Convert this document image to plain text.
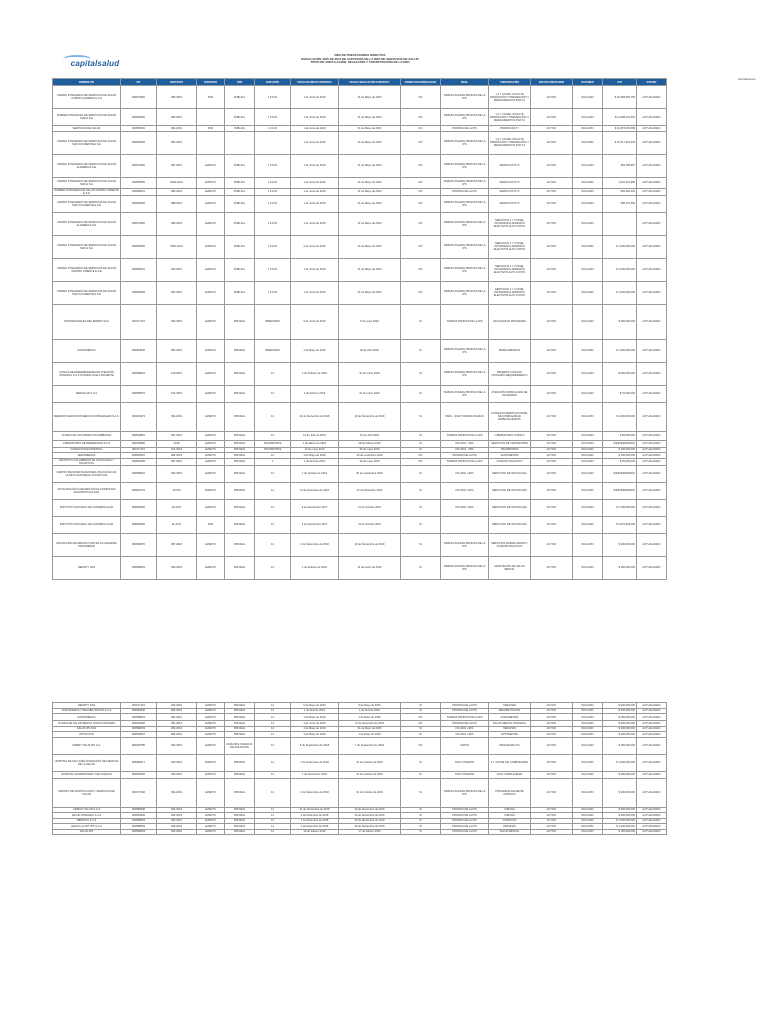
capitalsalud
RED DE PRESTADORES DIRECTOS
RESOLUCIÓN 4505 DE 2012 DE AUDITORÍA DE LA RED DE SERVICIOS DE SALUD
TIPOS DE VINCULACIÓN, SELECCIÓN Y CONTRATACIÓN DE LA RED
Actualización
NOMBRE IPS	NIT	CONTRATO	CONTRATO	TIPO	DURACIÓN	FECHA DE INICIO CONTRATO	FECHA FINALIZACIÓN CONTRATO	FORMA PAGO/MODALIDAD	NIVEL	CONTRATACIÓN	ESTADO PRESTADOR	DUCUMEN	VLR	ESTADO
CAMINO INTEGRADO DE SERVICIOS DE SALUD CAMINO ALAMEDA S.A.S	900073060	085-2019	PGP	PUBLICA	1 1% ID	1 de Junio de 2019	31 de Mayo de 2020	NO	TARIFAS PLENAS PROPIAS DE LA IPS	1,2 Y 3 NIVEL INCLUYE PROMOCIÓN Y PREVENCIÓN Y MEDICAMENTOS PGP 12	ACTIVO	INCLUIDO	$ 26,368,560,755	ACTUALIZADO
SUBRED INTEGRADA DE SERVICIOS DE SALUD SUR E.S.E	900959050	085-2019		PÚBLICA	1 1% ID	1 de Junio de 2019	31 de Mayo de 2020	NO	TARIFAS PLENAS PROPIAS DE LA IPS	1,2 Y 3 NIVEL INCLUYE PROMOCIÓN Y PREVENCIÓN Y MEDICAMENTOS PGP 12	ACTIVO	INCLUIDO	$ 11,058,276,903	ACTUALIZADO
SERVICIOS DE SALUD	900959051	081-2019	PGP	PÚBLICA	1 1% ID	1 de Junio de 2019	31 de Mayo de 2020	NO	PROPIAS DE LA IPS	PROMOCIÓN Y	ACTIVO	INCLUIDO	$ 10,837,066,389	ACTUALIZADO
CAMINO INTEGRADO DE SERVICIOS DE SALUD SUR OCCIDENTE E.S.E	900959068	083-2019				1 de Junio de 2019	31 de Mayo de 2020	NO	TARIFAS PLENAS PROPIAS DE LA IPS	1,2 Y 3 NIVEL INCLUYE PROMOCIÓN Y PREVENCIÓN Y MEDICAMENTOS PGP 12	ACTIVO	INCLUIDO	$ 10,517,363,378	ACTUALIZADO
CAMINO INTEGRADO DE SERVICIOS DE SALUD ALAMEDA E.S.E	900073060	087-2019	EVENTO	PÚBLICA	1 1% ID	1 de Junio de 2019	31 de Mayo de 2020	NO	TARIFAS PLENAS PROPIAS DE LA IPS	SERVICIOS PYS	ACTIVO	INCLUIDO	383,768,657	ACTUALIZADO
CAMINO INTEGRADO DE SERVICIOS DE SALUD SUR E.S.E	900959050	0036-2019	EVENTO	PÚBLICA	1 1% ID	1 de Junio de 2019	31 de Mayo de 2020	NO	TARIFAS PLENAS PROPIAS DE LA IPS	SERVICIOS PYS	ACTIVO	INCLUIDO	1,097,144,358	ACTUALIZADO
SUBRED INTEGRADA DE SALUD CENTRO ORIENTE E.S.E	900959051	086-2019	EVENTO	PÚBLICA	1 1% ID	1 de Junio de 2019	31 de Mayo de 2020	NO	PROPIAS DE LA IPS	SERVICIOS PYS	ACTIVO	INCLUIDO	836,296,363	ACTUALIZADO
CAMINO INTEGRADO DE SERVICIOS DE SALUD SUR OCCIDENTE E.S.E	900959068	088-2019	EVENTO	PÚBLICA	1 1% ID	1 de Junio de 2019	31 de Mayo de 2020	NO	TARIFAS PLENAS PROPIAS DE LA IPS	SERVICIOS PYS	ACTIVO	INCLUIDO	380,115,399	ACTUALIZADO
CAMINO INTEGRADO DE SERVICIOS DE SALUD ALAMEDA E.S.E	900073060	089-2019	EVENTO	PÚBLICA	1 1% ID	1 de Junio de 2019	31 de Mayo de 2020	NO	TARIFAS PLENAS PROPIAS DE LA IPS	SERVICIOS 1 Y 2 NIVEL INTRAMURAL ADMISIÓN ELECTIVOS ALTO COSTO	ACTIVO	INCLUIDO		ACTUALIZADO
CAMINO INTEGRADO DE SERVICIOS DE SALUD SUR E.S.E	900959050	0052-2019	EVENTO	PÚBLICA	1 1% ID	2 de Junio de 2019	31 de Mayo de 2020	NO	TARIFAS PLENAS PROPIAS DE LA IPS	SERVICIOS 1 Y 2 NIVEL INTRAMURAL ADMISIÓN ELECTIVOS ALTO COSTO	ACTIVO	INCLUIDO	$ 1,000,000,000	ACTUALIZADO
CAMINO INTEGRADO DE SERVICIOS DE SALUD CENTRO ORIENTE E.S.E	900959051	090-2019	EVENTO	PÚBLICA	1 1% ID	1 de Junio de 2019	31 de Mayo de 2020	NO	TARIFAS PLENAS PROPIAS DE LA IPS	SERVICIOS 1 Y 2 NIVEL INTRAMURAL ADMISIÓN ELECTIVOS ALTO COSTO	ACTIVO	INCLUIDO	$ 1,000,000,000	ACTUALIZADO
CAMINO INTEGRADO DE SERVICIOS DE SALUD SUR OCCIDENTE E.S.E	900959068	091-2019	EVENTO	PÚBLICA	1 1% ID	1 de Junio de 2019	31 de Mayo de 2020	NO	TARIFAS PLENAS PROPIAS DE LA IPS	SERVICIOS 1 Y 2 NIVEL INTRAMURAL ADMISIÓN ELECTIVOS ALTO COSTO	ACTIVO	INCLUIDO	$ 1,000,000,000	ACTUALIZADO
PROFESIONALES DEL BARRIO SAS	900177115	093-2019	EVENTO	PRIVADA	INDEFINIDO	5 de Junio de 2019	5 de Junio 2020	SI	TARIFAS PROPIAS DE LA IPS	VACUNACIÓN PROGRAMA	ACTIVO	INCLUIDO	$ 300,000,000	ACTUALIZADO
AUDIOMÉDICA	830500846	082-2019	EVENTO	PRIVADA	INDEFINIDO	1 de Mayo de 2019	30 de Abril 2020	SI	TARIFAS PLENAS PROPIAS DE LA IPS	MEDICAMENTOS	ACTIVO	INCLUIDO	$ 1,080,000,000	ACTUALIZADO
CLINICA DE ENFERMEDADES DE ATENCIÓN INTEGRAL S.A.S (PULMOLOGÍA A PACIENTE	900598063	100-2019	EVENTO	PRIVADA	12	1 de Febrero de 2019	31 de enero 2020	SI	TARIFAS PLENAS PROPIAS DE LA IPS	PRUEBAS CLÍNICAS CONSUMO REQUERIMIENTO	ACTIVO	INCLUIDO	$ 500,000,000	ACTUALIZADO
SERSALUD S.A.S	900598079	102-2019	EVENTO	PRIVADA	12	1 de Febrero 2019	31 de enero 2020	SI	TARIFAS PLENAS PROPIAS DE LA IPS	ATENCIÓN DOMICILIARIA DE PACIENTES	ACTIVO	INCLUIDO	$ 70,000,000	ACTUALIZADO
MEDIKIDS SERVICIOS MÉDICOS INTEGRALES S.A.S	900243973	093-2019	EVENTO	PRIVADA	12	21 de Noviembre de 2018	20 de Noviembre de 2019	SI	SMLV - SOAT TARIFAS PLENAS	CONSULTA SERVICIOS NIVEL DE COMPLEJIDAD ESPECIALIZADOS	ACTIVO	INCLUIDO	$ 1,000,000,000	ACTUALIZADO
CLINICA DE LOS ANDES COLOMBIANAS	830518881	097-2019	EVENTO	PRIVADA	12	15 de Julio de 2019	15 de Julio 2020	SI	TARIFAS PROPIAS DE LA IPS	LABORATORIO CLÍNICO	ACTIVO	INCLUIDO	$ 50,000,000	ACTUALIZADO
LABORATORIO DE REFERENCIA S.A.S	830518882	2018	EVENTO	PRIVADA	TRANSPORTE	1 de Marzo de 2018	28 de febrero 2020	SI	ISS 2001 - 30%	SERVICIOS DE TRANSPORTE	ACTIVO	INCLUIDO	INDETERMINADO	ACTUALIZADO
FUNDACIÓN ECOPETROL	900177115	104-2019	EVENTO	PRIVADA	TRANSPORTE	10 de mayo 2019	30 de mayo 2020	SI	ISS 2001 - 30%	TRANSPORTE	ACTIVO	INCLUIDO	$ 400,000,000	ACTUALIZADO
SERVIMEDICA	830500847	082-2019	EVENTO	PRIVADA	12	1 de Mayo de 2019	30 de noviembre 2019	NO	PROPIAS DE LA IPS	AUDIOMETRÍA	ACTIVO	INCLUIDO	$ 150,000,000	ACTUALIZADO
INSTITUTO COLOMBIANO DE ONCOLOGÍA Y PALIATIVOS	830502098	087-2019	EVENTO	PRIVADA	1	1 de Abril de 2019	30 de mayo 2020	NO	TARIFAS PROPIAS DE LA IPS	CUIDADO PALIATIVO	ACTIVO	INCLUIDO	$ 20,000,000	ACTUALIZADO
CENTRO DE INVESTIGACIONES ONCOLÓGICAS CLÍNICA SAN DIEGO CIOSAD SAS	900598062	093-2019	EVENTO	PRIVADA	12	1 de Octubre de 2019	30 de septiembre 2020	SI	ISS 2001 +30%	SERVICIOS DE ONCOLOGÍA	ACTIVO	INCLUIDO	INDETERMINADO	ACTUALIZADO
OFTALMOLÓGICA NEUROLÓGICA CONSULTAS DIAGNOSTICAS SAS	900963733	19-079	EVENTO	PRIVADA	12	21 de Diciembre de 2018	31 de Diciembre 2019	SI	ISS 2001 +30%	SERVICIOS DE ONCOLOGÍA	ACTIVO	INCLUIDO	INDETERMINADO	ACTUALIZADO
INSTITUTO NACIONAL DE CANCEROLOGÍA	899999092	20-2017	EVENTO	PRIVADA	12	9 de Septiembre 2017	31 de Octubre 2019	SI	ISS 2001 +30%	SERVICIOS DE ONCOLOGÍA	ACTIVO	INCLUIDO	$ 1,700,000,000	ACTUALIZADO
INSTITUTO NACIONAL DE CANCEROLOGÍA	899999092	21-2017	PGP	PRIVADA	12	9 de Septiembre 2017	31 de Octubre 2019	SI		SERVICIOS DE ONCOLOGÍA	ACTIVO	INCLUIDO	$ 4,076,904,000	ACTUALIZADO
ASOCIACIÓN DE AMIGOS CONTRA LA LEUCEMIA PROGRESAR	860008970	087-2018	EVENTO	PRIVADA	12	1 de Noviembre de 2018	30 de Noviembre de 2019	SI	TARIFAS PLENAS PROPIAS DE LA IPS	SERVICIOS DOMICILIARIOS Y CUIDADO PALIATIVO	ACTIVO	INCLUIDO	$ 300,000,000	ACTUALIZADO
DENSITY SAS	900598063	099-2019	EVENTO	PRIVADA	12	1 de Febrero de 2019	31 de enero de 2020	SI	TARIFAS PLENAS PROPIAS DE LA IPS	ADAPTACIÓN DE SALUD MENTAL	ACTIVO	INCLUIDO	$ 300,000,000	ACTUALIZADO
DENSITY SAS	900177115	093-2019	EVENTO	PRIVADA	12	5 de Mayo de 2019	5 de Mayo de 2020	SI	PROPIAS DE LA IPS	TERAPIAS	ACTIVO	INCLUIDO	$ 300,000,000	ACTUALIZADO
FISIOTERAPIA Y REHABILITACIÓN S.A.S	830500846	082-2019	EVENTO	PRIVADA	12	1 de Abril de 2019	1 de Abril de 2020	SI	PROPIAS DE LA IPS	REHABILITACIÓN	ACTIVO	INCLUIDO	$ 300,000,000	ACTUALIZADO
AUDIOMÉDICA	900598063	084-2019	EVENTO	PRIVADA	12	1 de Mayo de 2019	1 de Mayo de 2020	NO	TARIFAS PROPIAS DE LA IPS	AUDIOMETRÍA	ACTIVO	INCLUIDO	$ 150,000,000	ACTUALIZADO
CLINICA DE SALUD MENTAL NUEVO ROSARIO	830500846	082-2019	EVENTO	PRIVADA	12	1 de Junio de 2019	31 de Diciembre de 2019	NO	PROPIAS DE LA IPS	SALUD MENTAL INTEGRAL	ACTIVO	INCLUIDO	$ 300,000,000	ACTUALIZADO
SALUD IPS SAS	900598063	083-2019	EVENTO	PRIVADA	12	1 de Mayo de 2019	31 de Mayo de 2020	SI	ISS 2001 +30%	TERAPIAS	ACTIVO	INCLUIDO	$ 300,000,000	ACTUALIZADO
OPTICA IPS	830500847	084-2019	EVENTO	PRIVADA	12	1 de Mayo de 2019	1 de Mayo de 2020	SI	ISS 2001 +30%	OPTOMETRÍA	ACTIVO	INCLUIDO	$ 200,000,000	ACTUALIZADO
VIRREY SOLIS IPS S.A.	800048785	093-2019	EVENTO	DURANTE VIGENCIA DE AFILIACIÓN	12	8 de Septiembre de 2018	7 de Septiembre de 2019	NO	CAPITA	PROGRAMA VIH	ACTIVO	INCLUIDO	$ 150,000,000	ACTUALIZADO
HOSPITAL DE SAN JOSÉ FUNDACIÓN DE CIENCIAS DE LA SALUD	899999017	093-2019	EVENTO	PRIVADA	12	1 de Noviembre de 2018	31 de Octubre de 2019	SI	SOAT VIGENTE	3 Y 4 NIVEL DE COMPLEJIDAD	ACTIVO	INCLUIDO	$ 1,000,000,000	ACTUALIZADO
HOSPITAL UNIVERSITARIO SAN IGNACIO	860015536	092-2019	EVENTO	PRIVADA	12	1 de Noviembre 2018	31 de Octubre de 2019	SI	SOAT VIGENTE	ALTA COMPLEJIDAD	ACTIVO	INCLUIDO	$ 300,000,000	ACTUALIZADO
CENTRO DE ODONTOLOGÍA Y SERVICIOS DE SALUD	900177046	092-2019	EVENTO	PRIVADA	12	1 de Noviembre de 2018	31 de Octubre de 2019	SI	TARIFAS PLENAS PROPIAS DE LA IPS	PROGRAMA PACIENTE CRÓNICO	ACTIVO	INCLUIDO	$ 300,000,000	ACTUALIZADO
CIMEGO SALUD S.A.S	900598098	093-2019	EVENTO	PRIVADA	12	21 de Noviembre de 2018	20 de Noviembre de 2019	SI	PROPIAS DE LA IPS	CIRUGÍA	ACTIVO	INCLUIDO	$ 600,000,000	ACTUALIZADO
SALUD INTEGRAL S.A.S	830500846	094-2019	EVENTO	PRIVADA	12	1 de Diciembre de 2018	30 de Noviembre de 2019	SI	PROPIAS DE LA IPS	CIRUGÍA	ACTIVO	INCLUIDO	$ 300,000,000	ACTUALIZADO
MEDICOS S.A.S	900598063	095-2019	EVENTO	PRIVADA	12	1 de Diciembre de 2018	30 de Noviembre de 2019	SI	PROPIAS DE LA IPS	CONSULTA	ACTIVO	INCLUIDO	$ 1,000,000,000	ACTUALIZADO
HEALTH & ART IPS S.A.S	900598063	096-2019	EVENTO	PRIVADA	12	1 de Diciembre de 2018	30 de Noviembre de 2019	SI	PROPIAS DE LA IPS	TERAPIAS	ACTIVO	INCLUIDO	$ 1,000,000,000	ACTUALIZADO
SALUD IPS	900598063	093-2019	EVENTO	PRIVADA	12	18 de febrero 2019	17 de febrero 2020	SI	PROPIAS DE LA IPS	SALUD MENTAL	ACTIVO	INCLUIDO	$ 150,000,000	ACTUALIZADO
